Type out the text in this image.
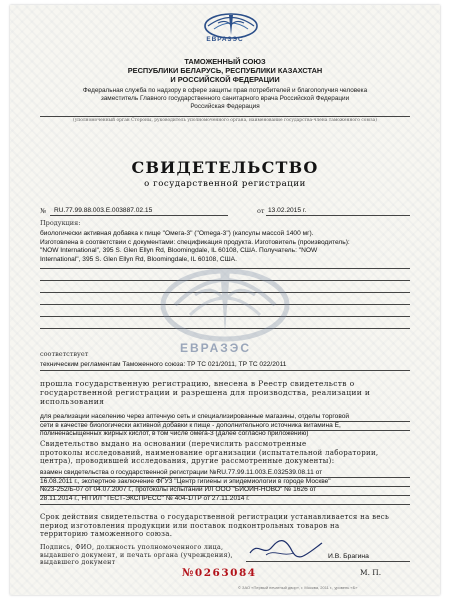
ЕВРАЗЭС
ТАМОЖЕННЫЙ СОЮЗ
РЕСПУБЛИКИ БЕЛАРУСЬ, РЕСПУБЛИКИ КАЗАХСТАН
И РОССИЙСКОЙ ФЕДЕРАЦИИ
Федеральная служба по надзору в сфере защиты прав потребителей и благополучия человека
заместитель Главного государственного санитарного врача Российской Федерации
Российская Федерация
(уполномоченный орган Стороны, руководитель уполномоченного органа, наименование государства-члена таможенного союза)
СВИДЕТЕЛЬСТВО
о государственной регистрации
№ RU.77.99.88.003.Е.003887.02.15	от 13.02.2015 г.
Продукция:
биологически активная добавка к пище "Омега-3" ("Omega-3") (капсулы массой 1400 мг).
Изготовлена в соответствии с документами: спецификация продукта. Изготовитель (производитель):
"NOW International", 395 S. Glen Ellyn Rd, Bloomingdale, IL 60108, США. Получатель: "NOW
International", 395 S. Glen Ellyn Rd, Bloomingdale, IL 60108, США.
ЕВРАЗЭС
соответствует
техническим регламентам Таможенного союза: ТР ТС 021/2011, ТР ТС 022/2011
прошла государственную регистрацию, внесена в Реестр свидетельств о
государственной регистрации и разрешена для производства, реализации и
использования
для реализации населению через аптечную сеть и специализированные магазины, отделы торговой
сети в качестве биологически активной добавки к пище - дополнительного источника витамина Е,
полиненасыщенных жирных кислот, в том числе омега-3 (далее согласно приложению)
Свидетельство выдано на основании (перечислить рассмотренные
протоколы исследований, наименование организации (испытательной лаборатории,
центра), проводившей исследования, другие рассмотренные документы):
взамен свидетельства о государственной регистрации №RU.77.99.11.003.Е.032539.08.11 от
16.08.2011 г., экспертное заключение ФГУЗ "Центр гигиены и эпидемиологии в городе Москве"
№23-252/Б-07 от 04.07.2007 г., протоколы испытаний ИЛ ООО "БИОИН-НОВО" № 1626 от
28.11.2014 г., НП ИЛ "ТЕСТ-ЭКСПРЕСС" № 404-1/ТР от 27.11.2014 г.
Срок действия свидетельства о государственной регистрации устанавливается на весь
период изготовления продукции или поставок подконтрольных товаров на
территорию таможенного союза.
Подпись, ФИО, должность уполномоченного лица,
выдавшего документ, и печать органа (учреждения),
выдавшего документ
И.В. Брагина
№0263084	М. П.
© ЗАО «Первый печатный двор», г. Москва, 2011 г., уровень «Б»
